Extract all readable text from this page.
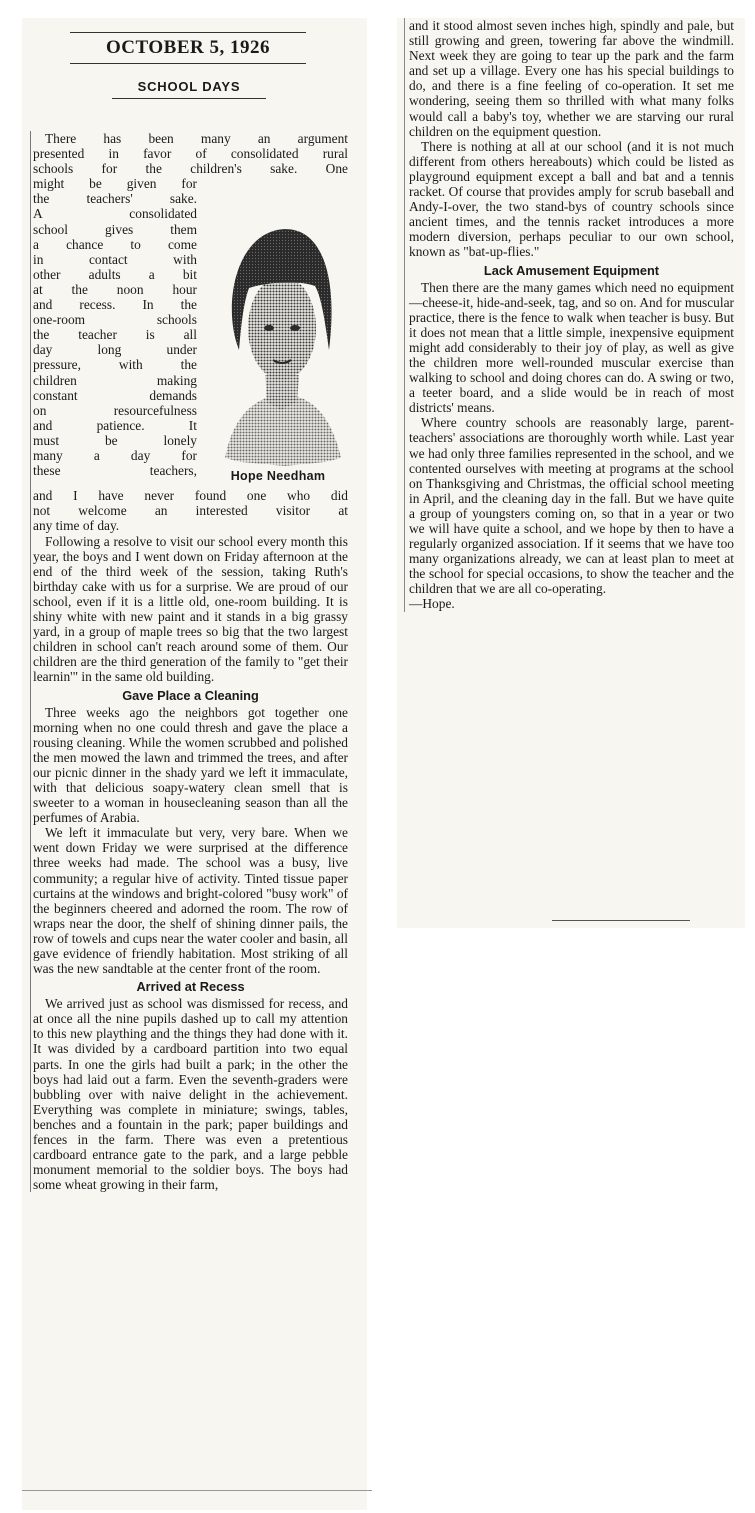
OCTOBER 5, 1926
SCHOOL DAYS
There has been many an argument
presented in favor of consolidated rural
schools for the children's sake. One
Hope Needham
might be given for
the teachers' sake.
A consolidated
school gives them
a chance to come
in contact with
other adults a bit
at the noon hour
and recess. In the
one-room schools
the teacher is all
day long under
pressure, with the
children making
constant demands
on resourcefulness
and patience. It
must be lonely
many a day for
these teachers,
and I have never found one who did
not welcome an interested visitor at
any time of day.

Following a resolve to visit our school every month this year, the boys and I went down on Friday afternoon at the end of the third week of the session, taking Ruth's birthday cake with us for a surprise. We are proud of our school, even if it is a little old, one-room building. It is shiny white with new paint and it stands in a big grassy yard, in a group of maple trees so big that the two largest children in school can't reach around some of them. Our children are the third generation of the family to "get their learnin'" in the same old building.

Gave Place a Cleaning

Three weeks ago the neighbors got together one morning when no one could thresh and gave the place a rousing cleaning. While the women scrubbed and polished the men mowed the lawn and trimmed the trees, and after our picnic dinner in the shady yard we left it immaculate, with that delicious soapy-watery clean smell that is sweeter to a woman in housecleaning season than all the perfumes of Arabia.

We left it immaculate but very, very bare. When we went down Friday we were surprised at the difference three weeks had made. The school was a busy, live community; a regular hive of activity. Tinted tissue paper curtains at the windows and bright-colored "busy work" of the beginners cheered and adorned the room. The row of wraps near the door, the shelf of shining dinner pails, the row of towels and cups near the water cooler and basin, all gave evidence of friendly habitation. Most striking of all was the new sandtable at the center front of the room.

Arrived at Recess

We arrived just as school was dismissed for recess, and at once all the nine pupils dashed up to call my attention to this new plaything and the things they had done with it. It was divided by a cardboard partition into two equal parts. In one the girls had built a park; in the other the boys had laid out a farm. Even the seventh-graders were bubbling over with naive delight in the achievement. Everything was complete in miniature; swings, tables, benches and a fountain in the park; paper buildings and fences in the farm. There was even a pretentious cardboard entrance gate to the park, and a large pebble monument memorial to the soldier boys. The boys had some wheat growing in their farm,

and it stood almost seven inches high, spindly and pale, but still growing and green, towering far above the windmill. Next week they are going to tear up the park and the farm and set up a village. Every one has his special buildings to do, and there is a fine feeling of co-operation. It set me wondering, seeing them so thrilled with what many folks would call a baby's toy, whether we are starving our rural children on the equipment question.

There is nothing at all at our school (and it is not much different from others hereabouts) which could be listed as playground equipment except a ball and bat and a tennis racket. Of course that provides amply for scrub baseball and Andy-I-over, the two stand-bys of country schools since ancient times, and the tennis racket introduces a more modern diversion, perhaps peculiar to our own school, known as "bat-up-flies."

Lack Amusement Equipment

Then there are the many games which need no equipment—cheese-it, hide-and-seek, tag, and so on. And for muscular practice, there is the fence to walk when teacher is busy. But it does not mean that a little simple, inexpensive equipment might add considerably to their joy of play, as well as give the children more well-rounded muscular exercise than walking to school and doing chores can do. A swing or two, a teeter board, and a slide would be in reach of most districts' means.

Where country schools are reasonably large, parent-teachers' associations are thoroughly worth while. Last year we had only three families represented in the school, and we contented ourselves with meeting at programs at the school on Thanksgiving and Christmas, the official school meeting in April, and the cleaning day in the fall. But we have quite a group of youngsters coming on, so that in a year or two we will have quite a school, and we hope by then to have a regularly organized association. If it seems that we have too many organizations already, we can at least plan to meet at the school for special occasions, to show the teacher and the children that we are all co-operating.

—Hope.
